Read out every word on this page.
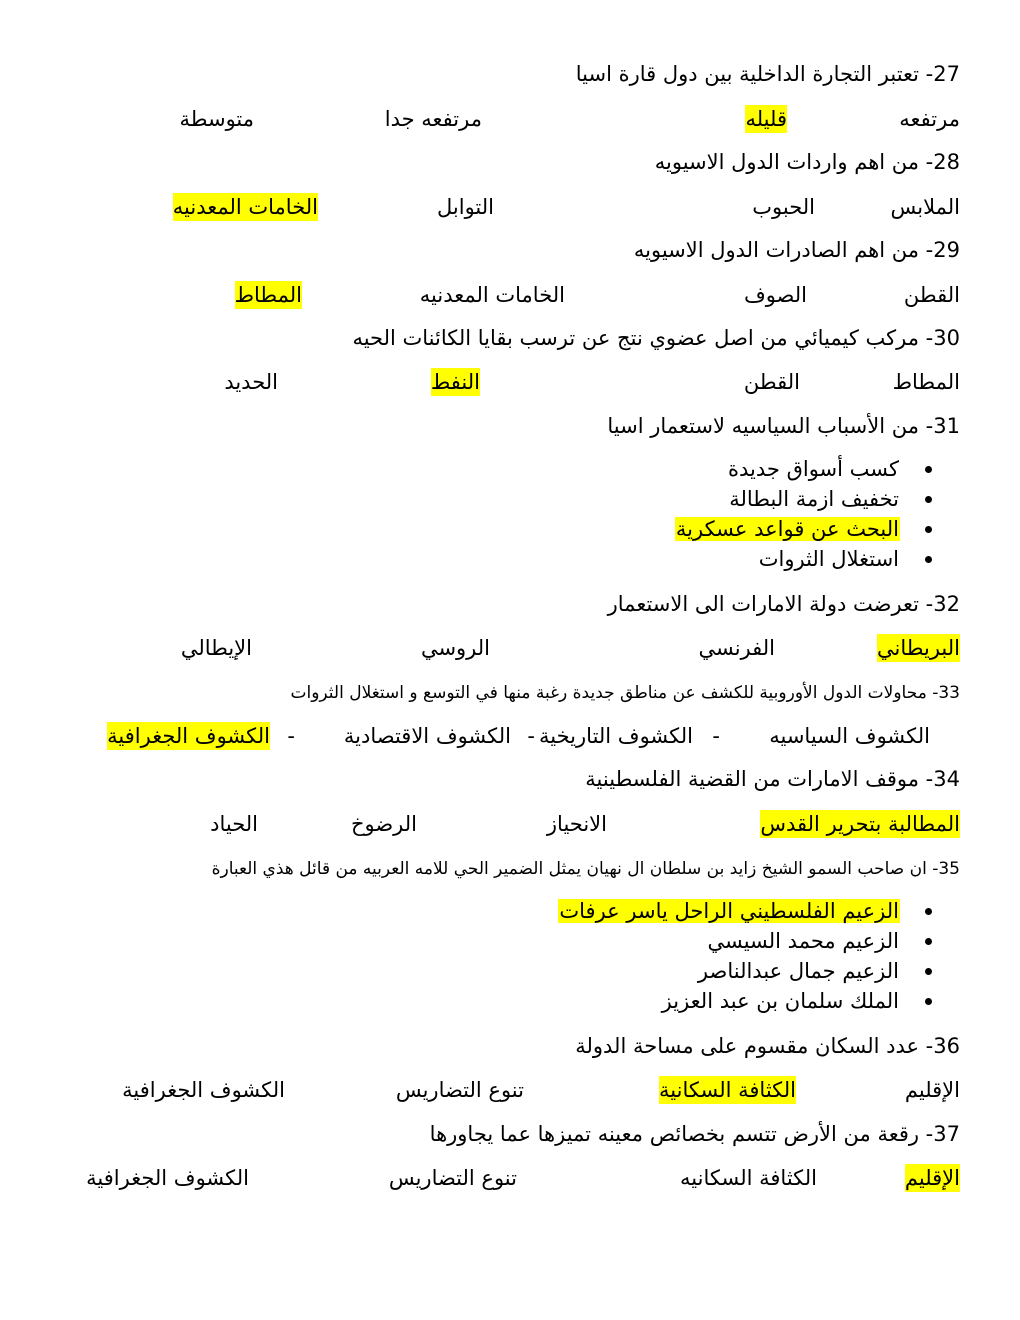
27- تعتبر التجارة الداخلية بين دول قارة اسيا
مرتفعه
قليله
مرتفعه جدا
متوسطة
28- من اهم واردات الدول الاسيويه
الملابس
الحبوب
التوابل
الخامات المعدنيه
29- من اهم الصادرات الدول الاسيويه
القطن
الصوف
الخامات المعدنيه
المطاط
30- مركب كيميائي من اصل عضوي نتج عن ترسب بقايا الكائنات الحيه
المطاط
القطن
النفط
الحديد
31- من الأسباب السياسيه لاستعمار اسيا
كسب أسواق جديدة
تخفيف ازمة البطالة
البحث عن قواعد عسكرية
استغلال الثروات
32- تعرضت دولة الامارات الى الاستعمار
البريطاني
الفرنسي
الروسي
الإيطالي
33- محاولات الدول الأوروبية للكشف عن مناطق جديدة رغبة منها في التوسع و استغلال الثروات
الكشوف السياسيه
-
الكشوف التاريخية
-
الكشوف الاقتصادية
-
الكشوف الجغرافية
34- موقف الامارات من القضية الفلسطينية
المطالبة بتحرير القدس
الانحياز
الرضوخ
الحياد
35- ان صاحب السمو الشيخ زايد بن سلطان ال نهيان يمثل الضمير الحي للامه العربيه من قائل هذي العبارة
الزعيم الفلسطيني الراحل ياسر عرفات
الزعيم محمد السيسي
الزعيم جمال عبدالناصر
الملك سلمان بن عبد العزيز
36- عدد السكان مقسوم على مساحة الدولة
الإقليم
الكثافة السكانية
تنوع التضاريس
الكشوف الجغرافية
37- رقعة من الأرض تتسم بخصائص معينه تميزها عما يجاورها
الإقليم
الكثافة السكانيه
تنوع التضاريس
الكشوف الجغرافية
